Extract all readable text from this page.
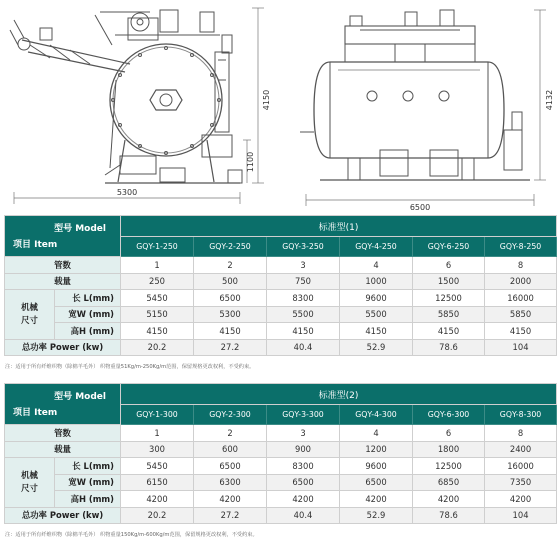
5300
4150
1100
6500
4132
型号 Model
项目 Item		标准型(1)					
		GQY-1-250	GQY-2-250	GQY-3-250	GQY-4-250	GQY-6-250	GQY-8-250
管数		1	2	3	4	6	8
载量		250	500	750	1000	1500	2000
机械
尺寸	长 L(mm)	5450	6500	8300	9600	12500	16000
	宽W (mm)	5150	5300	5500	5500	5850	5850
	高H (mm)	4150	4150	4150	4150	4150	4150
总功率 Power (kw)		20.2	27.2	40.4	52.9	78.6	104
注：适用于所有纤维织物（除棉羊毛外） 织物重量51Kg/m-250Kg/m范围，保留规格更改权利，不受约束。
型号 Model
项目 Item		标准型(2)					
		GQY-1-300	GQY-2-300	GQY-3-300	GQY-4-300	GQY-6-300	GQY-8-300
管数		1	2	3	4	6	8
载量		300	600	900	1200	1800	2400
机械
尺寸	长 L(mm)	5450	6500	8300	9600	12500	16000
	宽W (mm)	6150	6300	6500	6500	6850	7350
	高H (mm)	4200	4200	4200	4200	4200	4200
总功率 Power (kw)		20.2	27.2	40.4	52.9	78.6	104
注：适用于所有纤维织物（除棉羊毛外） 织物重量150Kg/m-600Kg/m范围，保留规格更改权利，不受约束。
